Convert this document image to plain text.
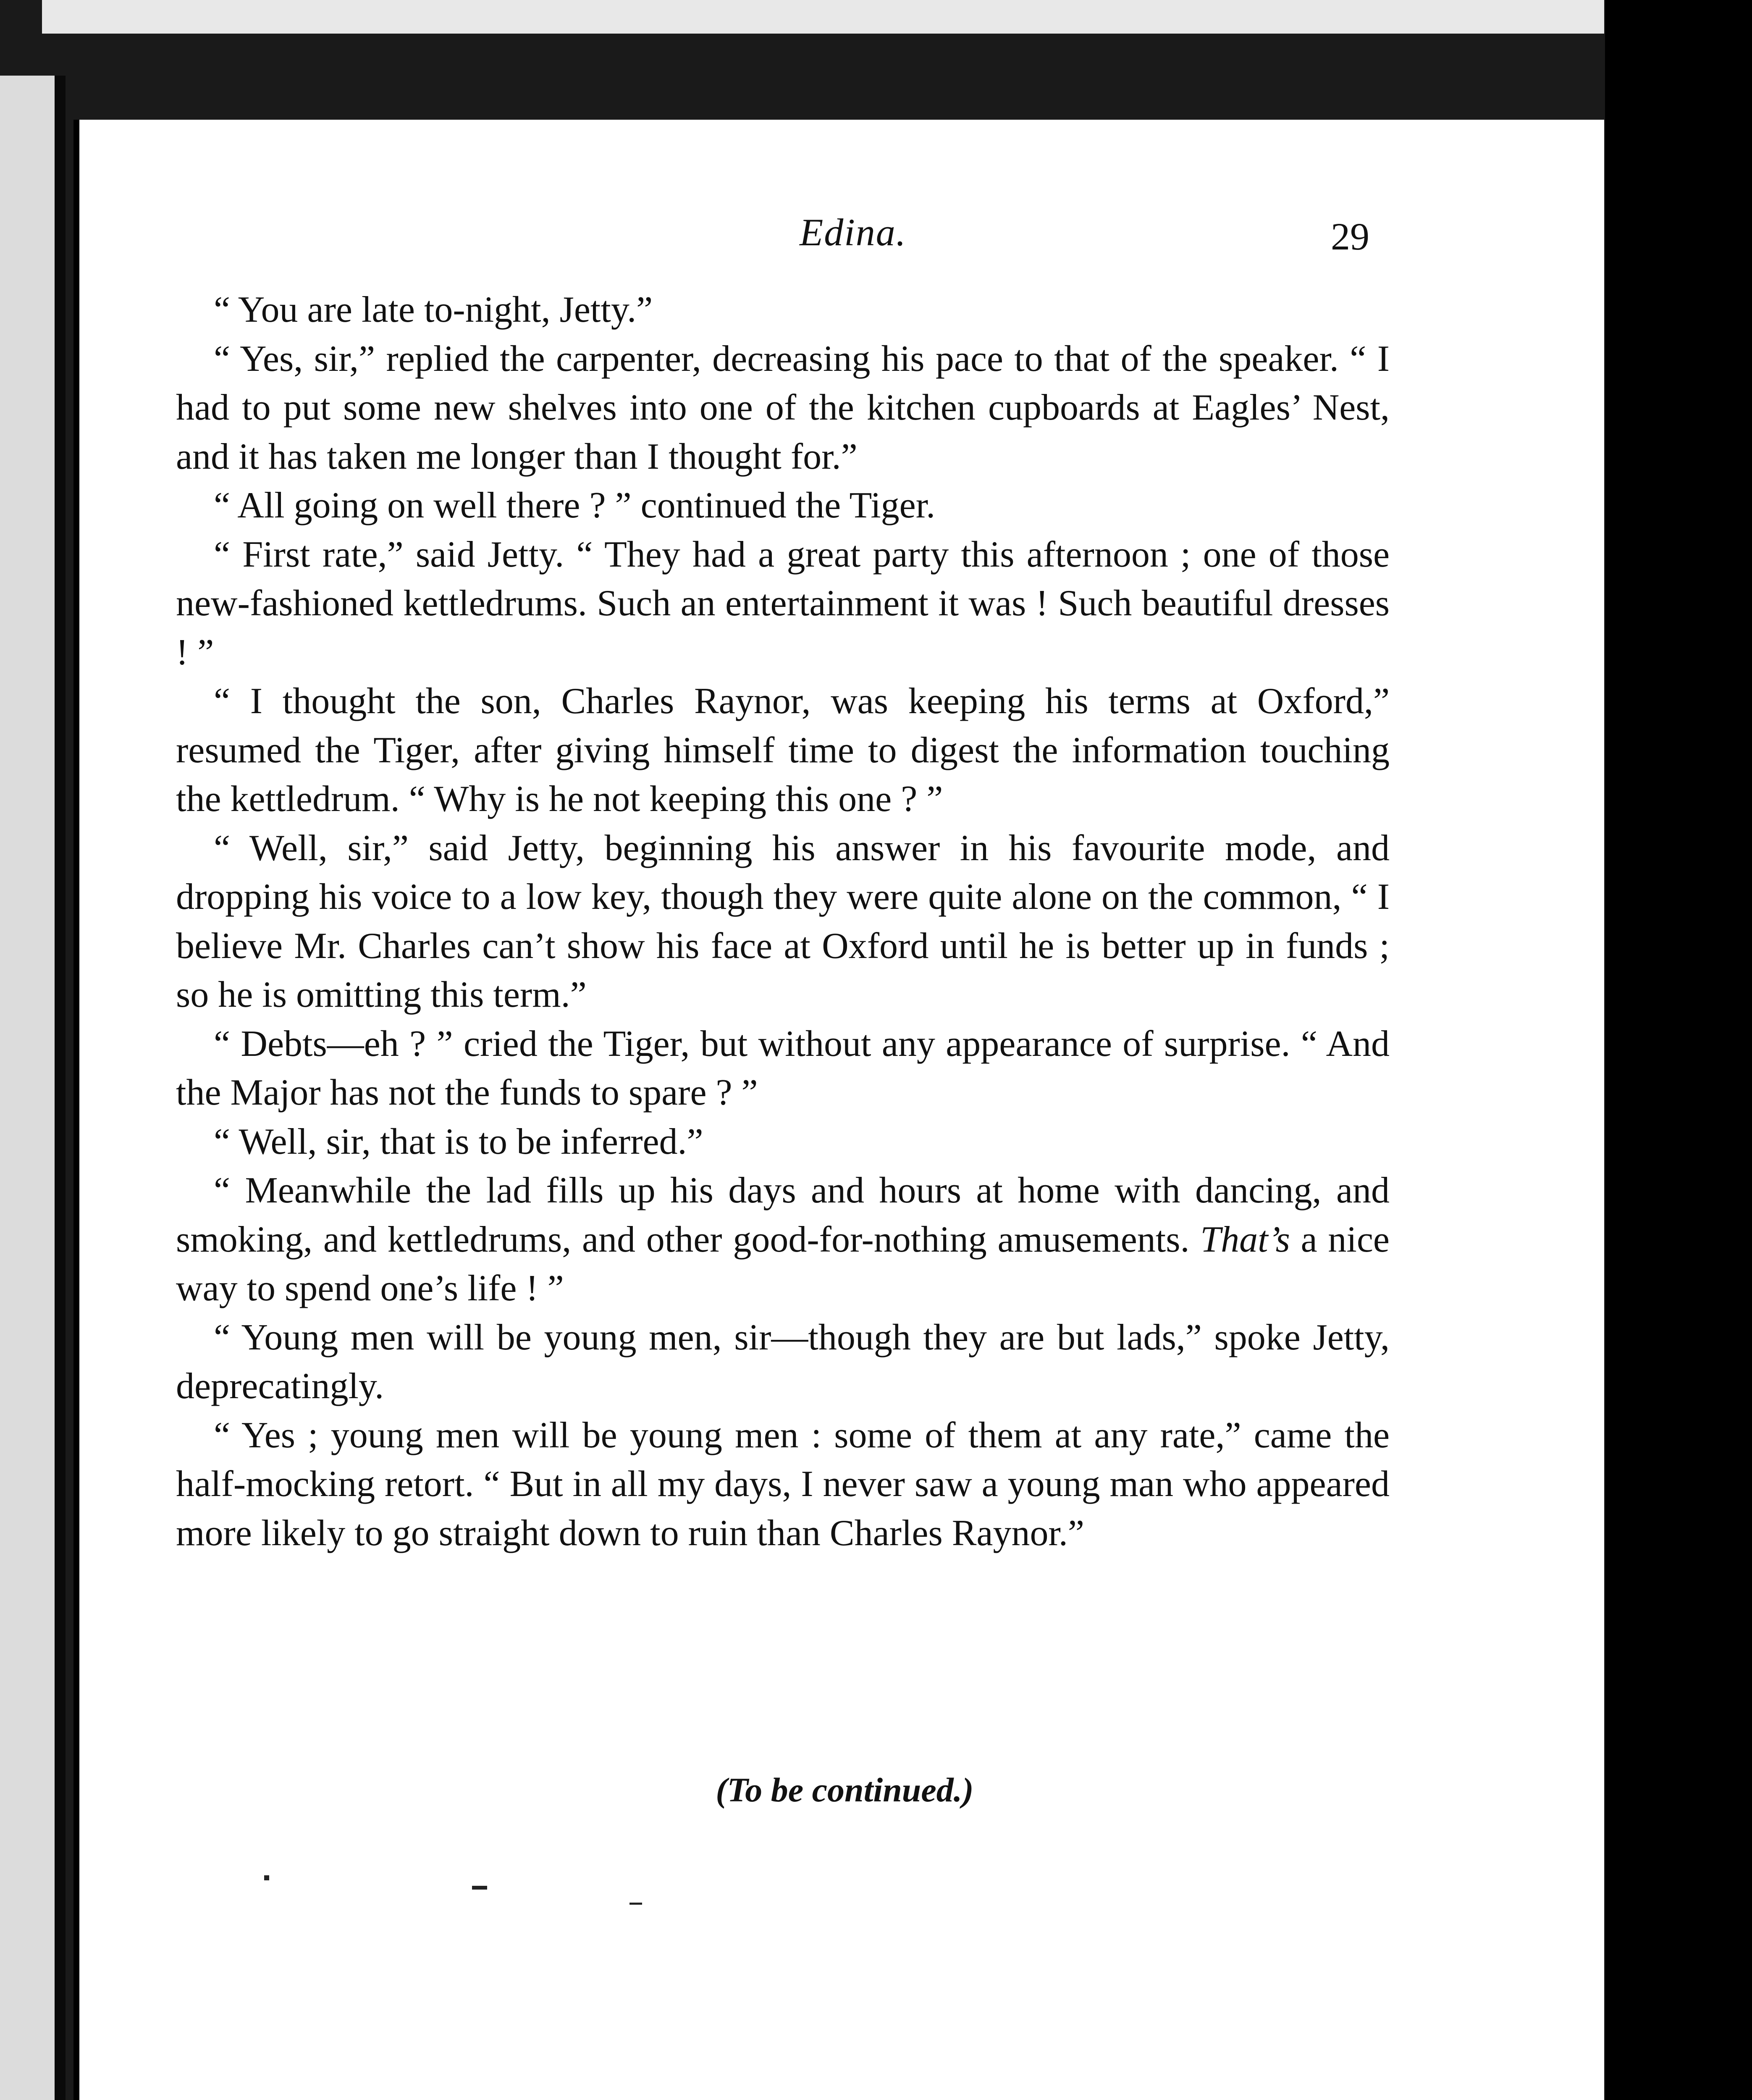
Edina.	29

“ You are late to-night, Jetty.”

“ Yes, sir,” replied the carpenter, decreasing his pace to that of the speaker. “ I had to put some new shelves into one of the kitchen cupboards at Eagles’ Nest, and it has taken me longer than I thought for.”

“ All going on well there ? ” continued the Tiger.

“ First rate,” said Jetty. “ They had a great party this afternoon ; one of those new-fashioned kettledrums. Such an entertainment it was ! Such beautiful dresses ! ”

“ I thought the son, Charles Raynor, was keeping his terms at Oxford,” resumed the Tiger, after giving himself time to digest the information touching the kettledrum. “ Why is he not keeping this one ? ”

“ Well, sir,” said Jetty, beginning his answer in his favourite mode, and dropping his voice to a low key, though they were quite alone on the common, “ I believe Mr. Charles can’t show his face at Oxford until he is better up in funds ; so he is omitting this term.”

“ Debts—eh ? ” cried the Tiger, but without any appearance of surprise. “ And the Major has not the funds to spare ? ”

“ Well, sir, that is to be inferred.”

“ Meanwhile the lad fills up his days and hours at home with dancing, and smoking, and kettledrums, and other good-for-nothing amusements. That’s a nice way to spend one’s life ! ”

“ Young men will be young men, sir—though they are but lads,” spoke Jetty, deprecatingly.

“ Yes ; young men will be young men : some of them at any rate,” came the half-mocking retort. “ But in all my days, I never saw a young man who appeared more likely to go straight down to ruin than Charles Raynor.”

(To be continued.)
